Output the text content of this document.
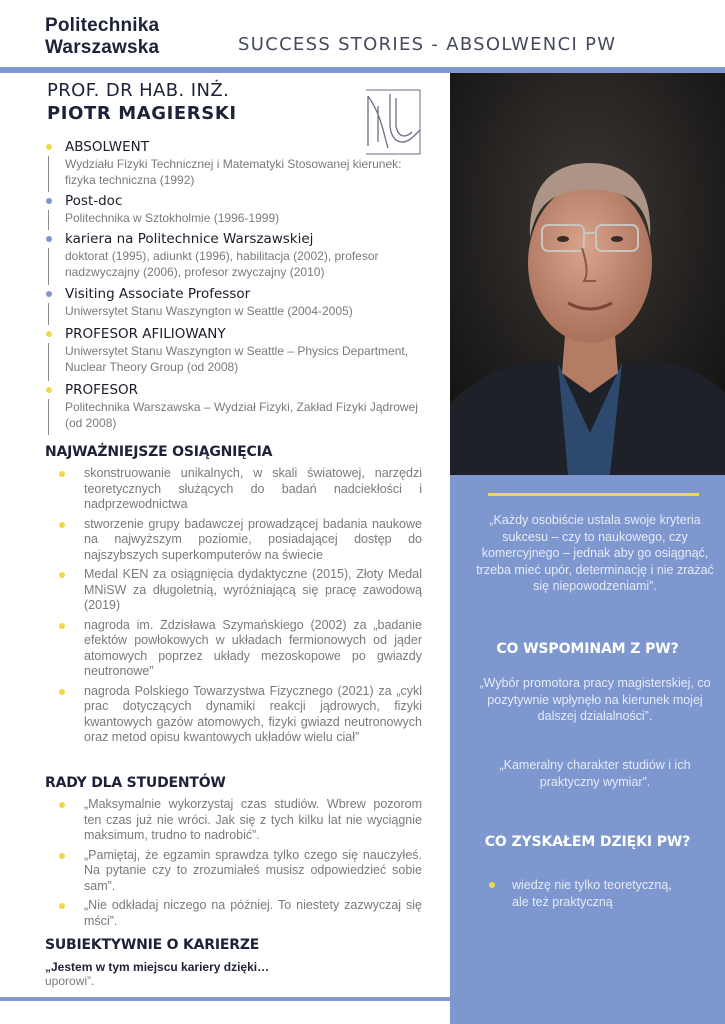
Politechnika
Warszawska	SUCCESS STORIES - ABSOLWENCI PW
„Każdy osobiście ustala swoje kryteria sukcesu – czy to naukowego, czy komercyjnego – jednak aby go osiągnąć, trzeba mieć upór, determinację i nie zrażać się niepowodzeniami”.
CO WSPOMINAM Z PW?
„Wybór promotora pracy magisterskiej, co pozytywnie wpłynęło na kierunek mojej dalszej działalności”.
„Kameralny charakter studiów i ich praktyczny wymiar”.
CO ZYSKAŁEM DZIĘKI PW?
wiedzę nie tylko teoretyczną, ale też praktyczną
PROF. DR HAB. INŻ.
PIOTR MAGIERSKI
ABSOLWENT
Wydziału Fizyki Technicznej i Matematyki Stosowanej kierunek: fizyka techniczna (1992)
Post-doc
Politechnika w Sztokholmie (1996-1999)
kariera na Politechnice Warszawskiej
doktorat (1995), adiunkt (1996), habilitacja (2002), profesor nadzwyczajny (2006), profesor zwyczajny (2010)
Visiting Associate Professor
Uniwersytet Stanu Waszyngton w Seattle (2004-2005)
PROFESOR AFILIOWANY
Uniwersytet Stanu Waszyngton w Seattle – Physics Department, Nuclear Theory Group (od 2008)
PROFESOR
Politechnika Warszawska – Wydział Fizyki, Zakład Fizyki Jądrowej (od 2008)
NAJWAŻNIEJSZE OSIĄGNIĘCIA
skonstruowanie unikalnych, w skali światowej, narzędzi teoretycznych służących do badań nadciekłości i nadprzewodnictwa
stworzenie grupy badawczej prowadzącej badania naukowe na najwyższym poziomie, posiadającej dostęp do najszybszych superkomputerów na świecie
Medal KEN za osiągnięcia dydaktyczne (2015), Złoty Medal MNiSW za długoletnią, wyróżniającą się pracę zawodową (2019)
nagroda im. Zdzisława Szymańskiego (2002) za „badanie efektów powłokowych w układach fermionowych od jąder atomowych poprzez układy mezoskopowe po gwiazdy neutronowe”
nagroda Polskiego Towarzystwa Fizycznego (2021) za „cykl prac dotyczących dynamiki reakcji jądrowych, fizyki kwantowych gazów atomowych, fizyki gwiazd neutronowych oraz metod opisu kwantowych układów wielu ciał”
RADY DLA STUDENTÓW
„Maksymalnie wykorzystaj czas studiów. Wbrew pozorom ten czas już nie wróci. Jak się z tych kilku lat nie wyciągnie maksimum, trudno to nadrobić”.
„Pamiętaj, że egzamin sprawdza tylko czego się nauczyłeś. Na pytanie czy to zrozumiałeś musisz odpowiedzieć sobie sam”.
„Nie odkładaj niczego na później. To niestety zazwyczaj się mści”.
SUBIEKTYWNIE O KARIERZE
„Jestem w tym miejscu kariery dzięki…
uporowi”.
